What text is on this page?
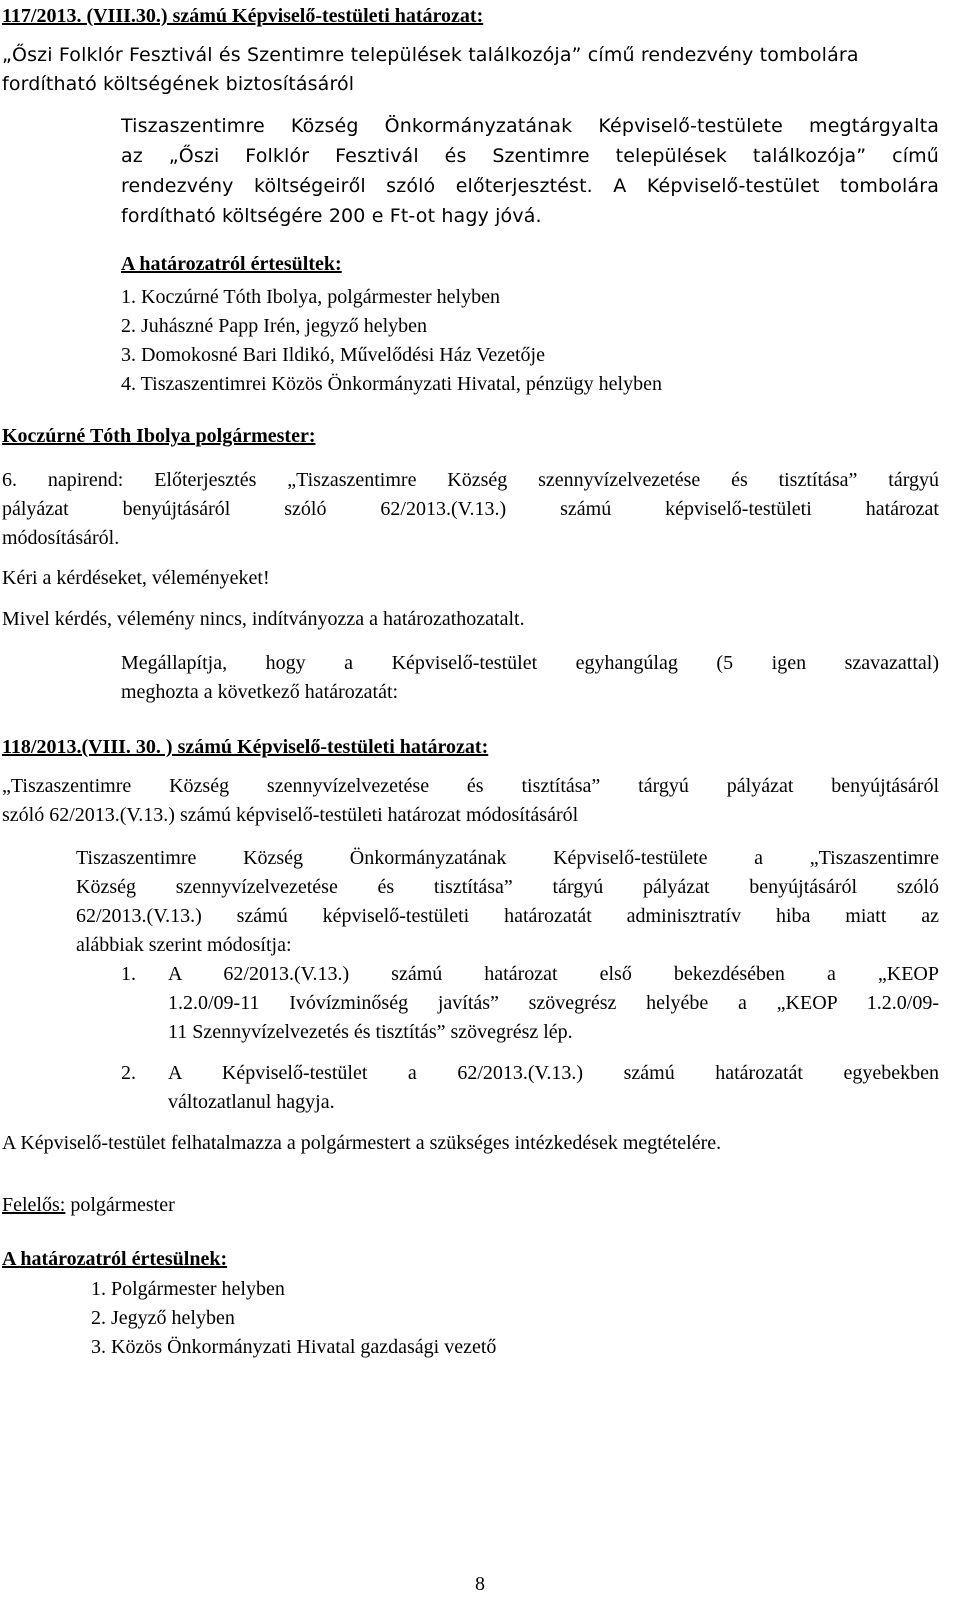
117/2013. (VIII.30.) számú Képviselő-testületi határozat:
„Őszi Folklór Fesztivál és Szentimre települések találkozója” című rendezvény tombolára
fordítható költségének biztosításáról
Tiszaszentimre Község Önkormányzatának Képviselő-testülete megtárgyalta
az „Őszi Folklór Fesztivál és Szentimre települések találkozója” című
rendezvény költségeiről szóló előterjesztést. A Képviselő-testület tombolára
fordítható költségére 200 e Ft-ot hagy jóvá.
A határozatról értesültek:
1. Koczúrné Tóth Ibolya, polgármester helyben
2. Juhászné Papp Irén, jegyző helyben
3. Domokosné Bari Ildikó, Művelődési Ház Vezetője
4. Tiszaszentimrei Közös Önkormányzati Hivatal, pénzügy helyben
Koczúrné Tóth Ibolya polgármester:
6. napirend: Előterjesztés „Tiszaszentimre Község szennyvízelvezetése és tisztítása” tárgyú
pályázat benyújtásáról szóló 62/2013.(V.13.) számú képviselő-testületi határozat
módosításáról.
Kéri a kérdéseket, véleményeket!
Mivel kérdés, vélemény nincs, indítványozza a határozathozatalt.
Megállapítja, hogy a Képviselő-testület egyhangúlag (5 igen szavazattal)
meghozta a következő határozatát:
118/2013.(VIII. 30. ) számú Képviselő-testületi határozat:
„Tiszaszentimre Község szennyvízelvezetése és tisztítása” tárgyú pályázat benyújtásáról
szóló 62/2013.(V.13.) számú képviselő-testületi határozat módosításáról
Tiszaszentimre Község Önkormányzatának Képviselő-testülete a „Tiszaszentimre
Község szennyvízelvezetése és tisztítása” tárgyú pályázat benyújtásáról szóló
62/2013.(V.13.) számú képviselő-testületi határozatát adminisztratív hiba miatt az
alábbiak szerint módosítja:
1. A 62/2013.(V.13.) számú határozat első bekezdésében a „KEOP
1.2.0/09-11 Ivóvízminőség javítás” szövegrész helyébe a „KEOP 1.2.0/09-
11 Szennyvízelvezetés és tisztítás” szövegrész lép.
2. A Képviselő-testület a 62/2013.(V.13.) számú határozatát egyebekben
változatlanul hagyja.
A Képviselő-testület felhatalmazza a polgármestert a szükséges intézkedések megtételére.
Felelős: polgármester
A határozatról értesülnek:
1. Polgármester helyben
2. Jegyző helyben
3. Közös Önkormányzati Hivatal gazdasági vezető
8
